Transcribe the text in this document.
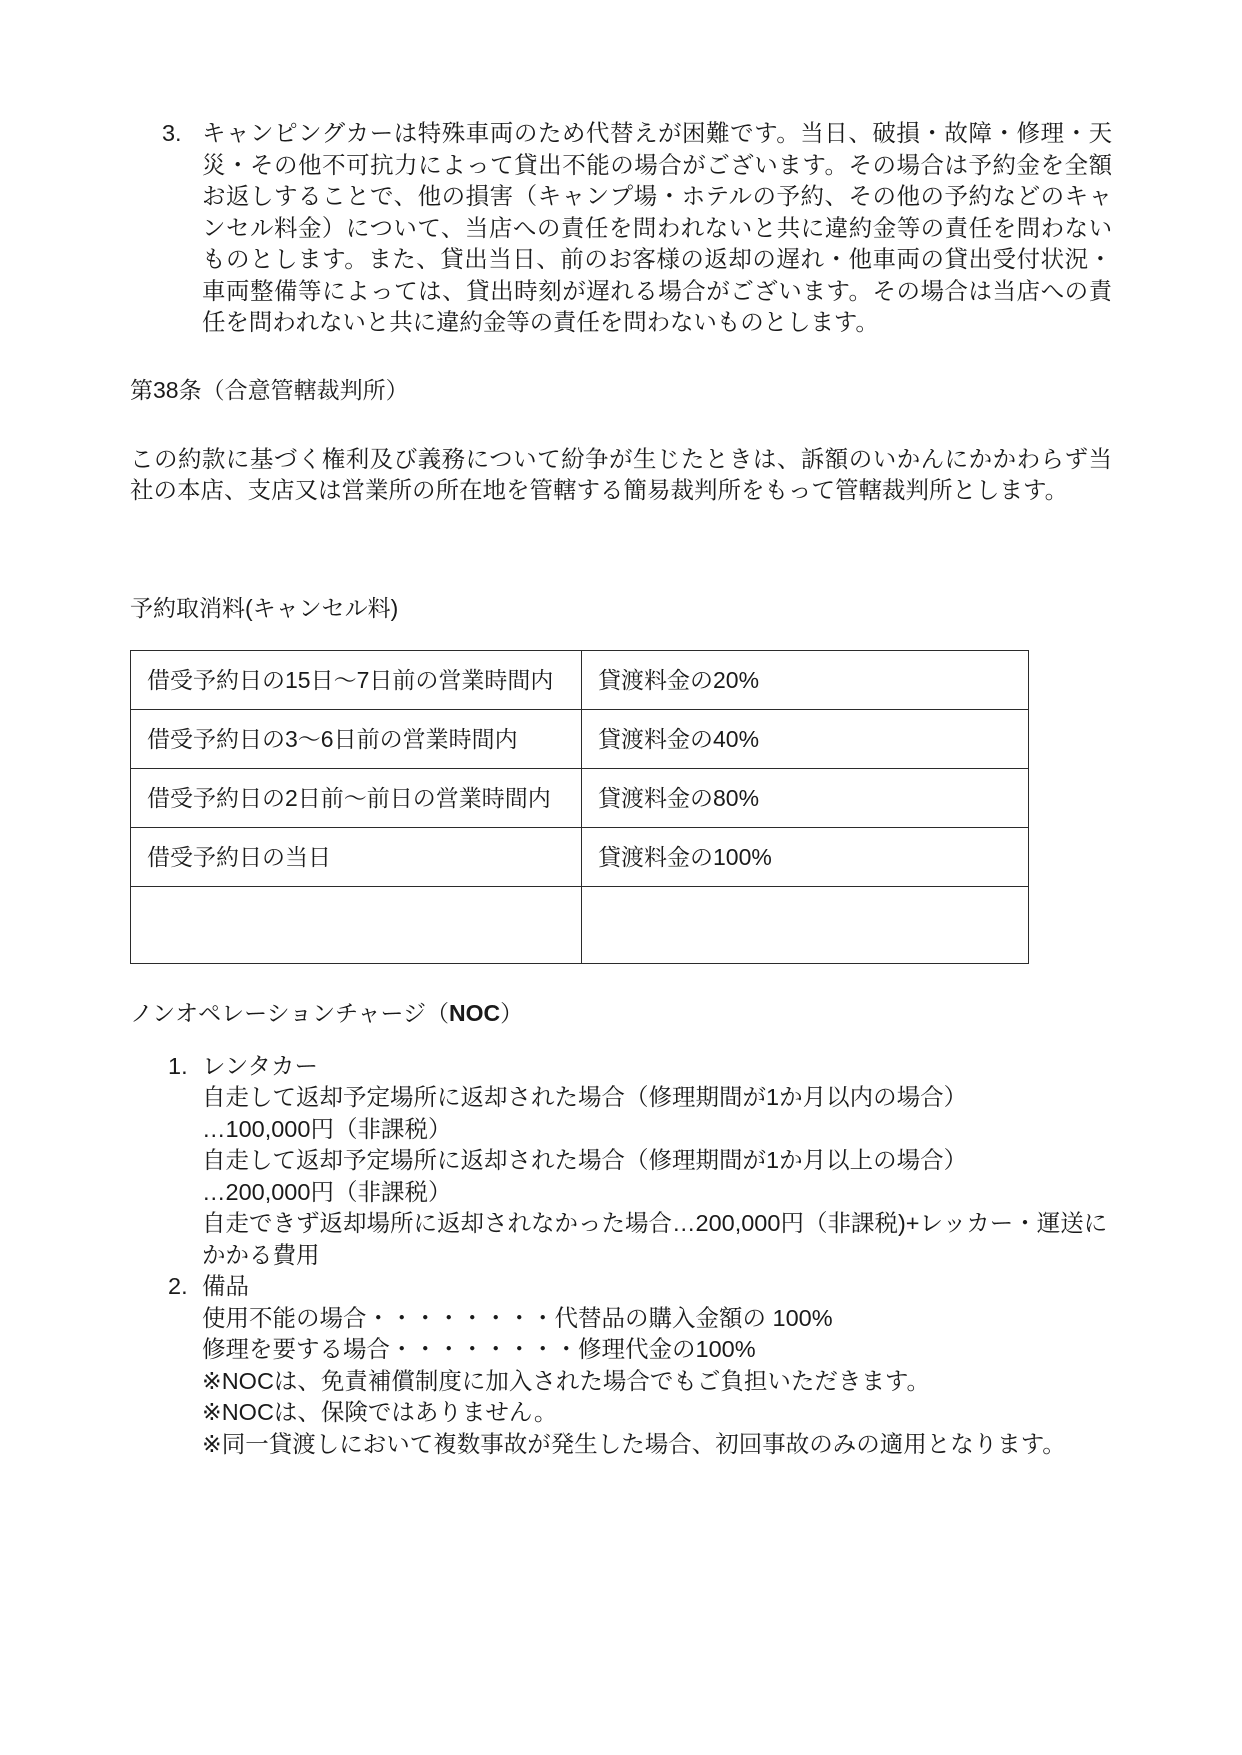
3. キャンピングカーは特殊車両のため代替えが困難です。当日、破損・故障・修理・天災・その他不可抗力によって貸出不能の場合がございます。その場合は予約金を全額お返しすることで、他の損害（キャンプ場・ホテルの予約、その他の予約などのキャンセル料金）について、当店への責任を問われないと共に違約金等の責任を問わないものとします。また、貸出当日、前のお客様の返却の遅れ・他車両の貸出受付状況・車両整備等によっては、貸出時刻が遅れる場合がございます。その場合は当店への責任を問われないと共に違約金等の責任を問わないものとします。

第38条（合意管轄裁判所）

この約款に基づく権利及び義務について紛争が生じたときは、訴額のいかんにかかわらず当社の本店、支店又は営業所の所在地を管轄する簡易裁判所をもって管轄裁判所とします。

予約取消料(キャンセル料)

借受予約日の15日〜7日前の営業時間内	貸渡料金の20%
借受予約日の3〜6日前の営業時間内	貸渡料金の40%
借受予約日の2日前〜前日の営業時間内	貸渡料金の80%
借受予約日の当日	貸渡料金の100%

ノンオペレーションチャージ（NOC）

1. レンタカー
自走して返却予定場所に返却された場合（修理期間が1か月以内の場合）
…100,000円（非課税）
自走して返却予定場所に返却された場合（修理期間が1か月以上の場合）
…200,000円（非課税）
自走できず返却場所に返却されなかった場合…200,000円（非課税)+レッカー・運送にかかる費用
2. 備品
使用不能の場合・・・・・・・・代替品の購入金額の 100%
修理を要する場合・・・・・・・・修理代金の100%
※NOCは、免責補償制度に加入された場合でもご負担いただきます。
※NOCは、保険ではありません。
※同一貸渡しにおいて複数事故が発生した場合、初回事故のみの適用となります。
